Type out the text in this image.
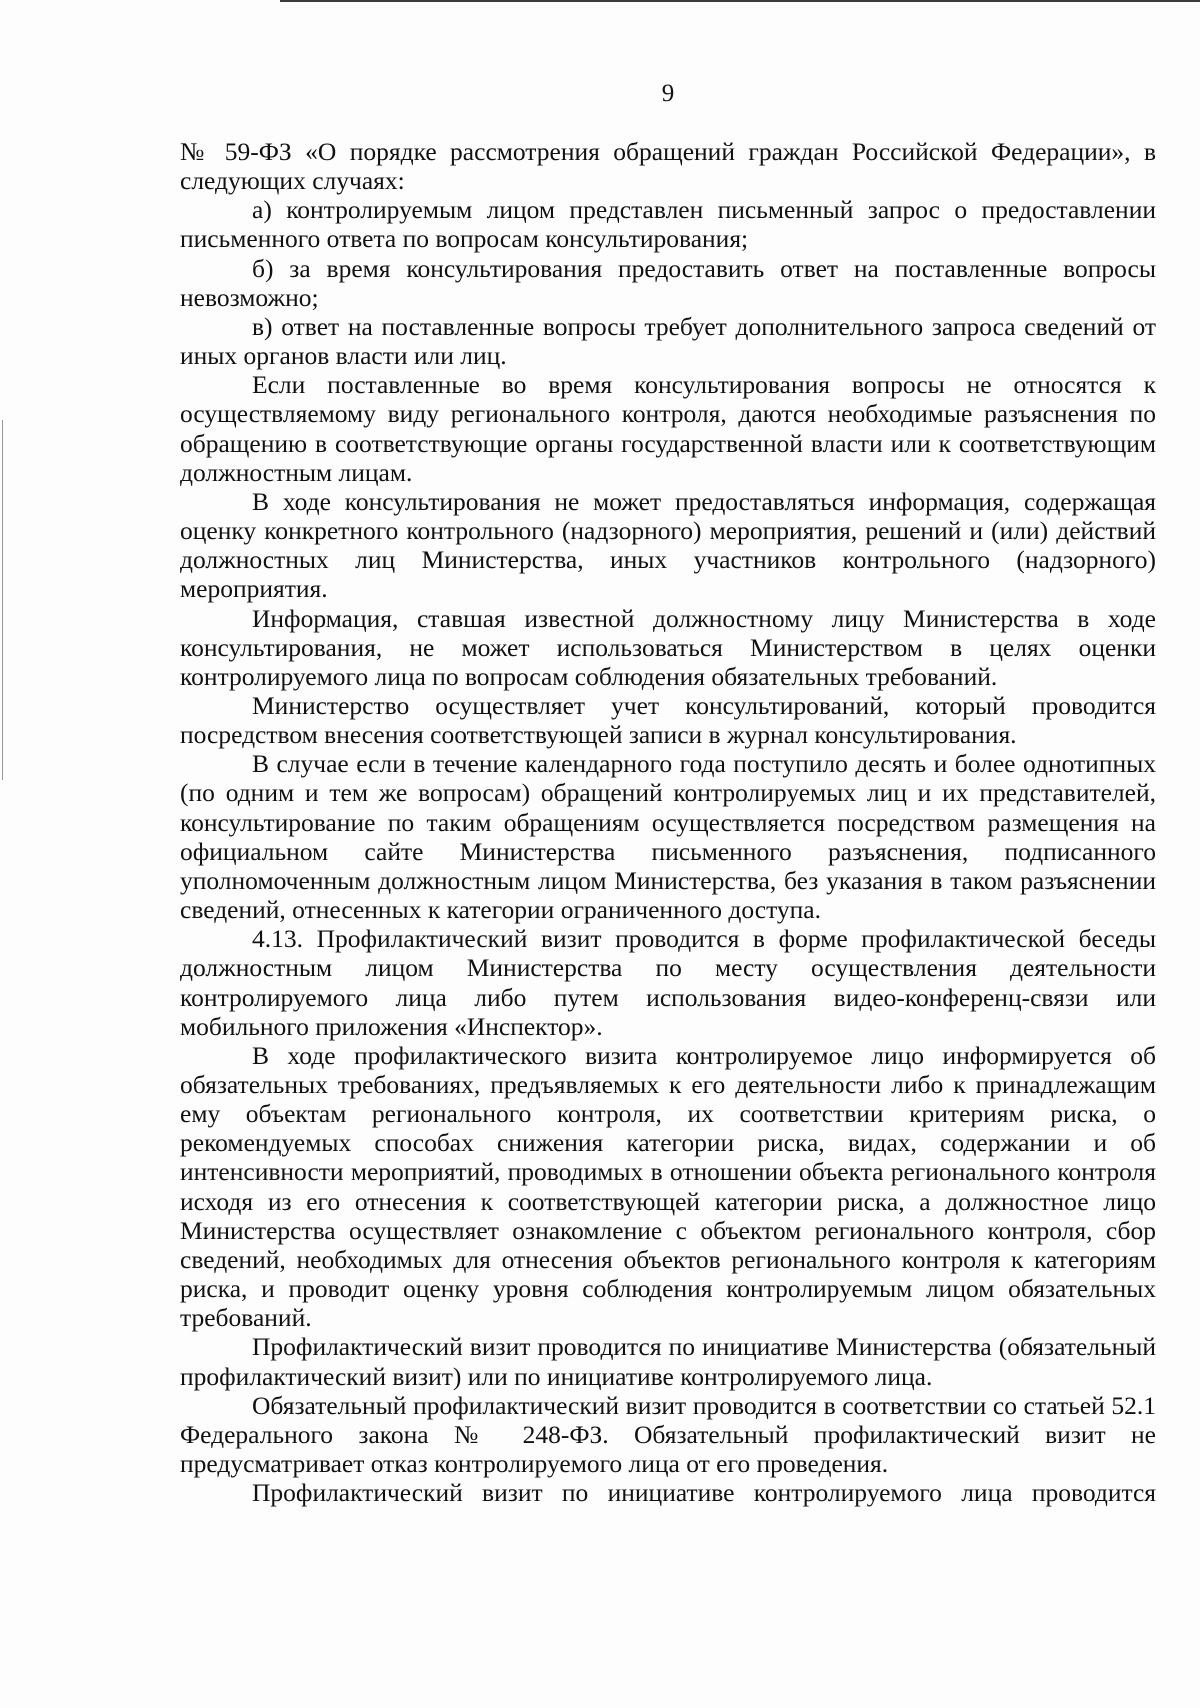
9

№ 59-ФЗ «О порядке рассмотрения обращений граждан Российской Федерации», в следующих случаях:

а) контролируемым лицом представлен письменный запрос о предоставлении письменного ответа по вопросам консультирования;

б) за время консультирования предоставить ответ на поставленные вопросы невозможно;

в) ответ на поставленные вопросы требует дополнительного запроса сведений от иных органов власти или лиц.

Если поставленные во время консультирования вопросы не относятся к осуществляемому виду регионального контроля, даются необходимые разъяснения по обращению в соответствующие органы государственной власти или к соответствующим должностным лицам.

В ходе консультирования не может предоставляться информация, содержащая оценку конкретного контрольного (надзорного) мероприятия, решений и (или) действий должностных лиц Министерства, иных участников контрольного (надзорного) мероприятия.

Информация, ставшая известной должностному лицу Министерства в ходе консультирования, не может использоваться Министерством в целях оценки контролируемого лица по вопросам соблюдения обязательных требований.

Министерство осуществляет учет консультирований, который проводится посредством внесения соответствующей записи в журнал консультирования.

В случае если в течение календарного года поступило десять и более однотипных (по одним и тем же вопросам) обращений контролируемых лиц и их представителей, консультирование по таким обращениям осуществляется посредством размещения на официальном сайте Министерства письменного разъяснения, подписанного уполномоченным должностным лицом Министерства, без указания в таком разъяснении сведений, отнесенных к категории ограниченного доступа.

4.13. Профилактический визит проводится в форме профилактической беседы должностным лицом Министерства по месту осуществления деятельности контролируемого лица либо путем использования видео-конференц-связи или мобильного приложения «Инспектор».

В ходе профилактического визита контролируемое лицо информируется об обязательных требованиях, предъявляемых к его деятельности либо к принадлежащим ему объектам регионального контроля, их соответствии критериям риска, о рекомендуемых способах снижения категории риска, видах, содержании и об интенсивности мероприятий, проводимых в отношении объекта регионального контроля исходя из его отнесения к соответствующей категории риска, а должностное лицо Министерства осуществляет ознакомление с объектом регионального контроля, сбор сведений, необходимых для отнесения объектов регионального контроля к категориям риска, и проводит оценку уровня соблюдения контролируемым лицом обязательных требований.

Профилактический визит проводится по инициативе Министерства (обязательный профилактический визит) или по инициативе контролируемого лица.

Обязательный профилактический визит проводится в соответствии со статьей 52.1 Федерального закона № 248-ФЗ. Обязательный профилактический визит не предусматривает отказ контролируемого лица от его проведения.

Профилактический визит по инициативе контролируемого лица проводится
